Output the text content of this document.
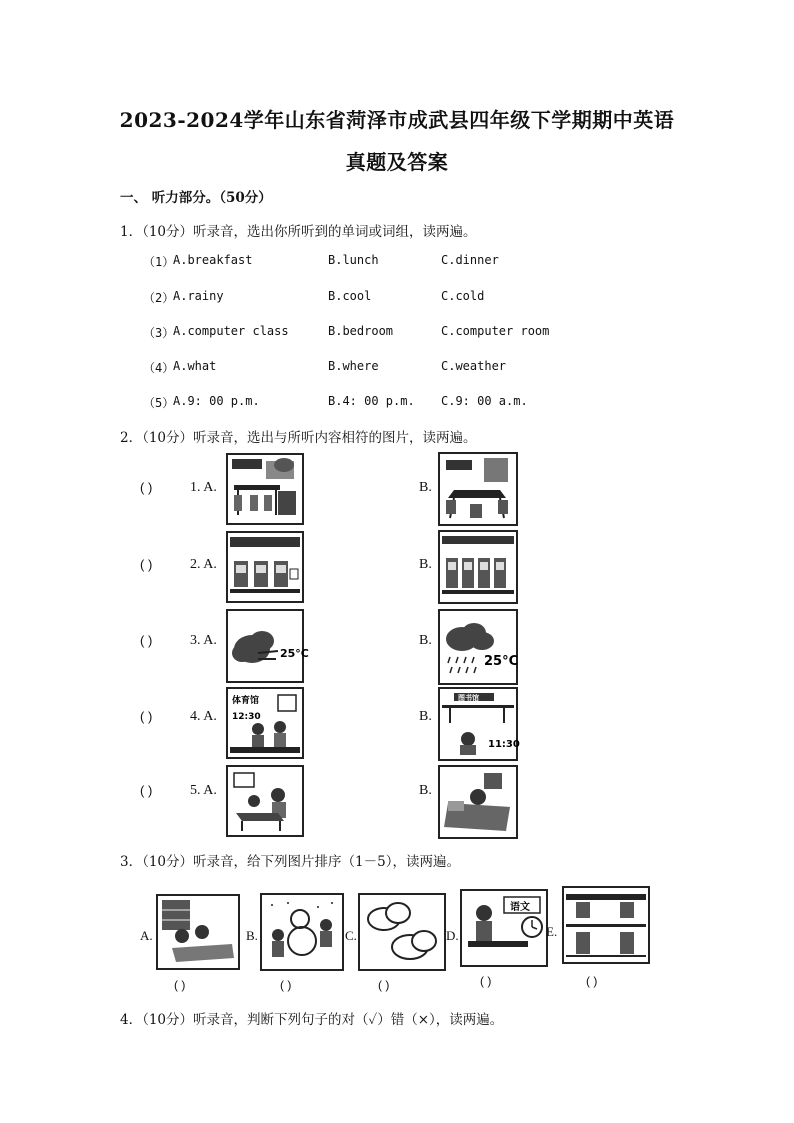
2023-2024学年山东省菏泽市成武县四年级下学期期中英语
真题及答案
一、 听力部分。（50分）
1．（10分）听录音，选出你所听到的单词或词组，读两遍。
（1）
A.breakfast	B.lunch	C.dinner
（2）
A.rainy	B.cool	C.cold
（3）
A.computer class	B.bedroom	C.computer room
（4）
A.what	B.where	C.weather
（5）
A.9: 00 p.m.	B.4: 00 p.m. C.9: 00 a.m.
2．（10分）听录音，选出与所听内容相符的图片，读两遍。
( )	1. A.	B.
( )	2. A.	B.
( )	3. A.
25°C
B.
25°C
( )	4. A.
体育馆
12:30	B.
图书馆
11:30
( )	5. A.	B.
3．（10分）听录音，给下列图片排序（1－5），读两遍。
A.
( )
B.
( )
C.
( )
D.
语文
( )
E.
( )
4．（10分）听录音，判断下列句子的对（✓）错（×），读两遍。
